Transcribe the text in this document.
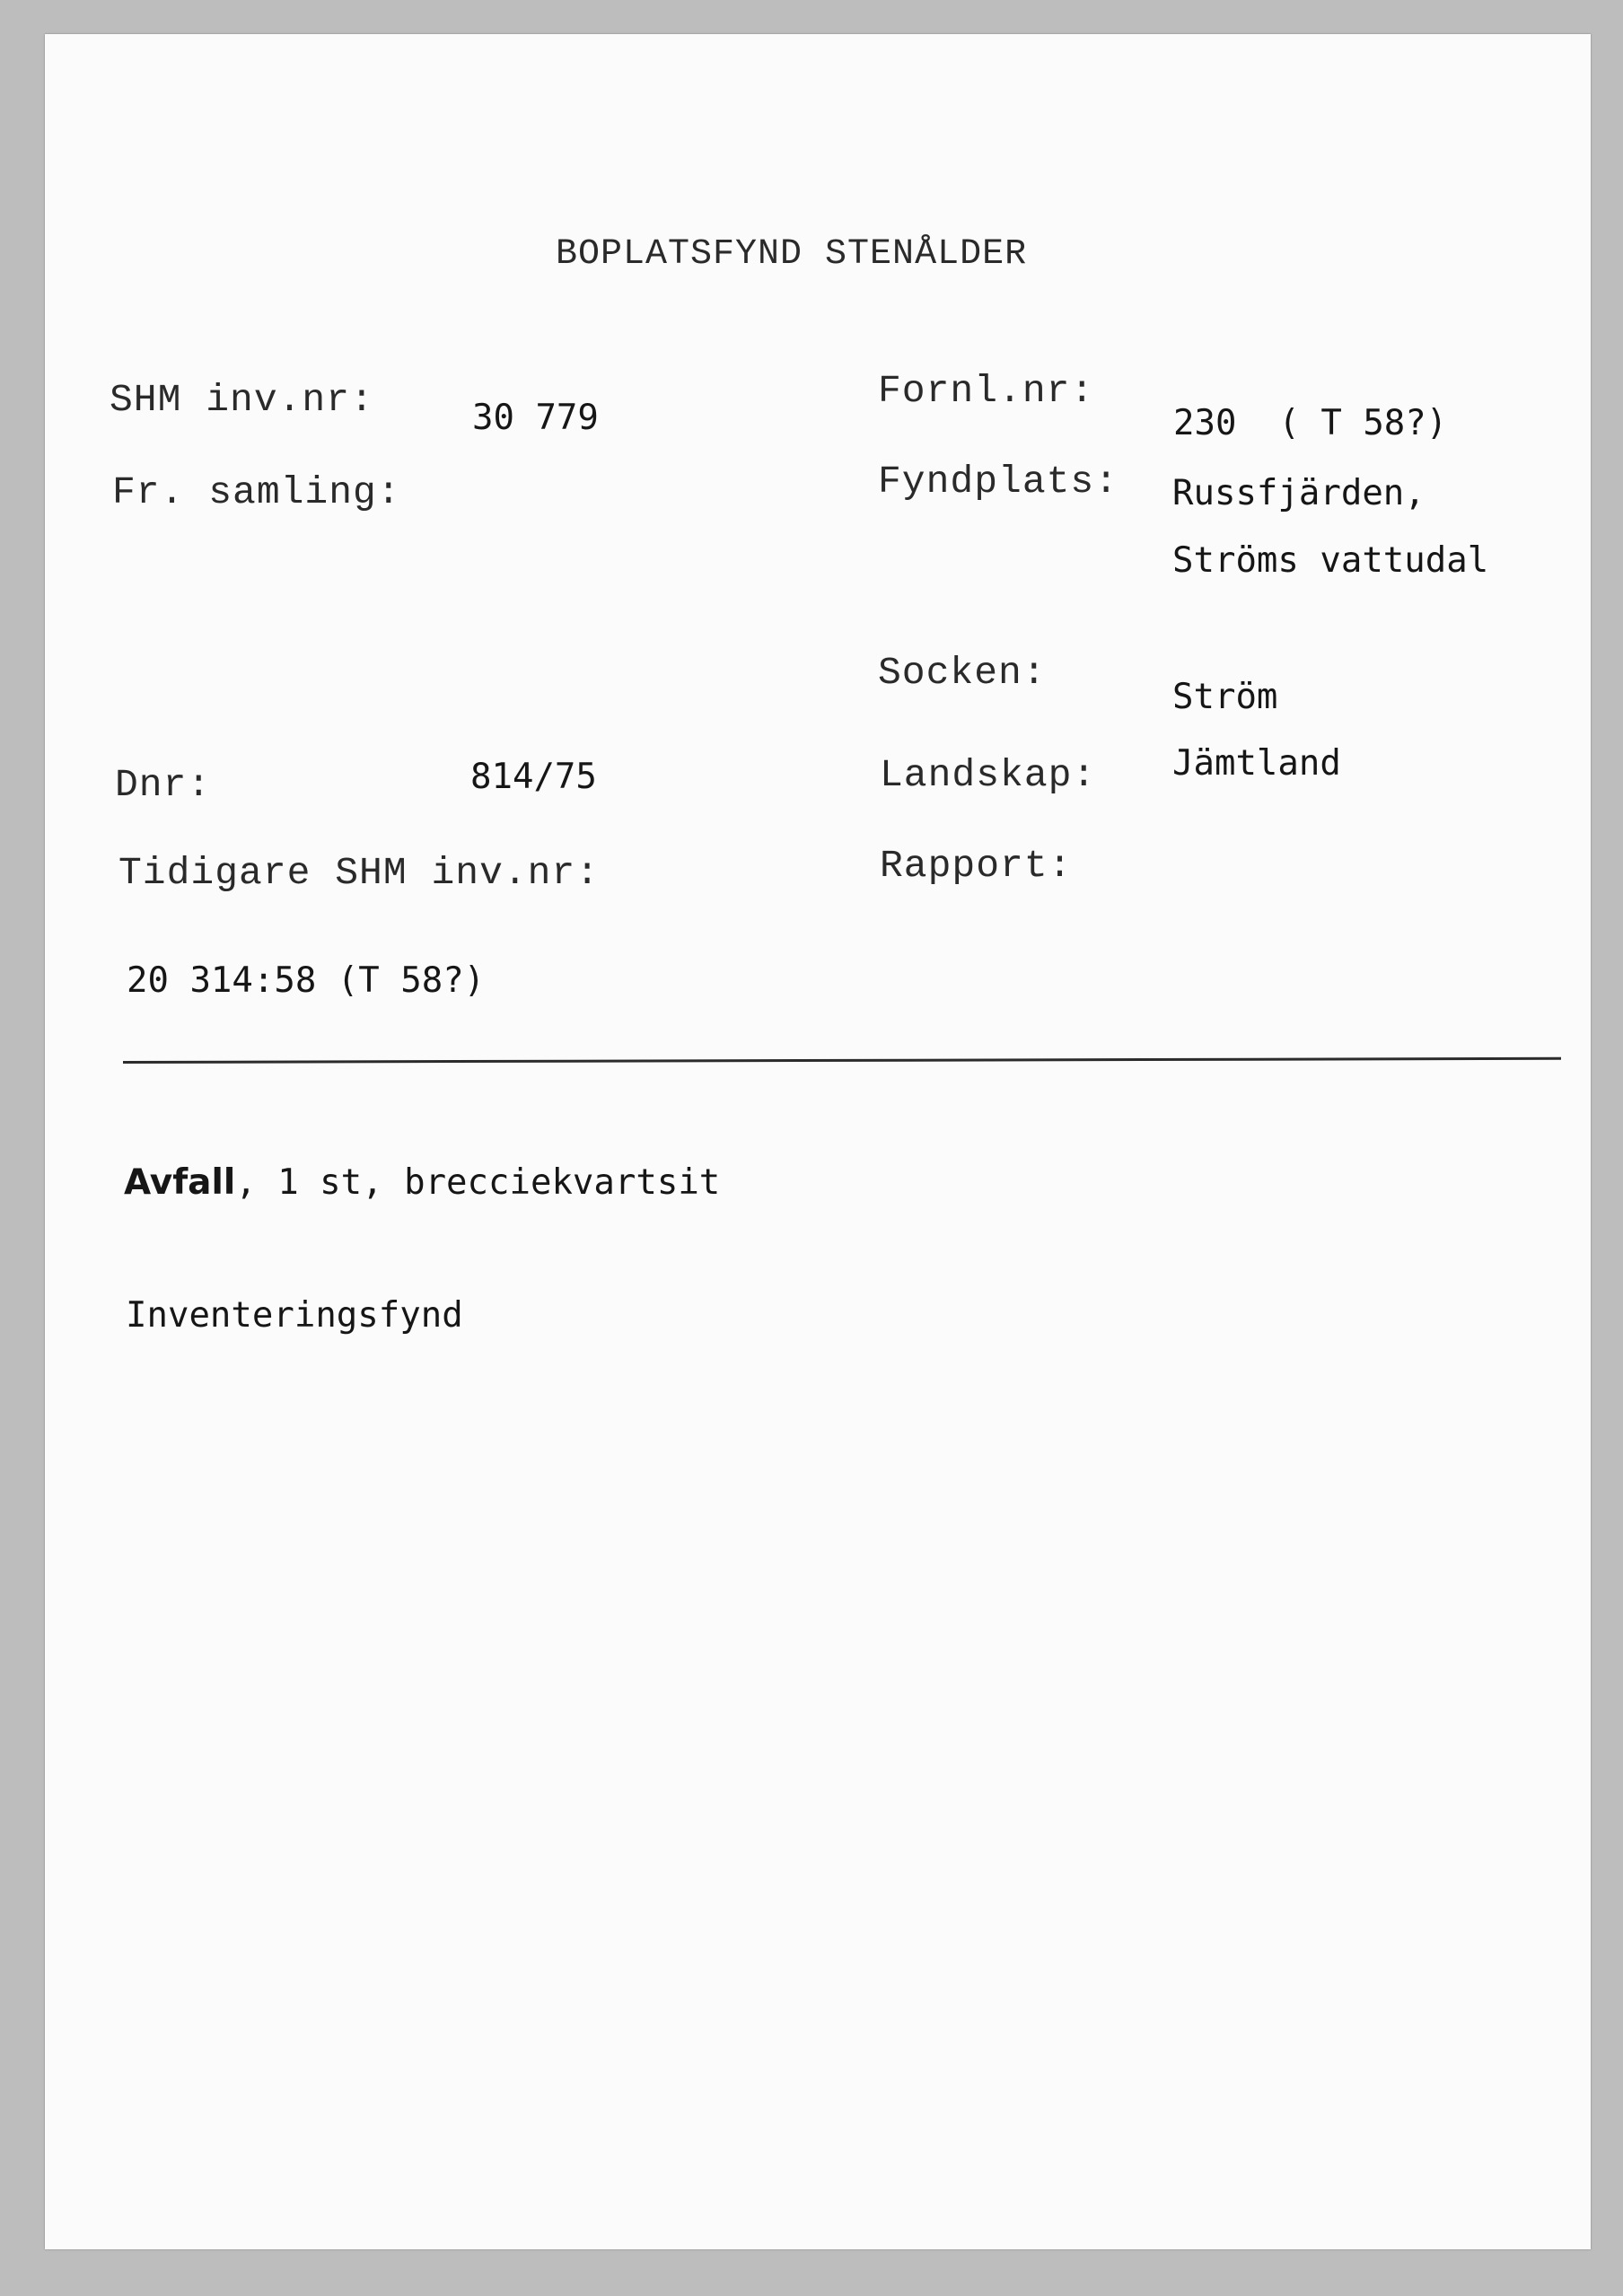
BOPLATSFYND STENÅLDER
SHM inv.nr:	30 779
Fr. samling:
Dnr:	814/75
Tidigare SHM inv.nr:
20 314:58 (T 58?)
Fornl.nr:
230  ( T 58?)
Fyndplats: Russfjärden,
Ströms vattudal
Socken:
Ström
Landskap: Jämtland
Rapport:
Avfall, 1 st, brecciekvartsit
Inventeringsfynd
